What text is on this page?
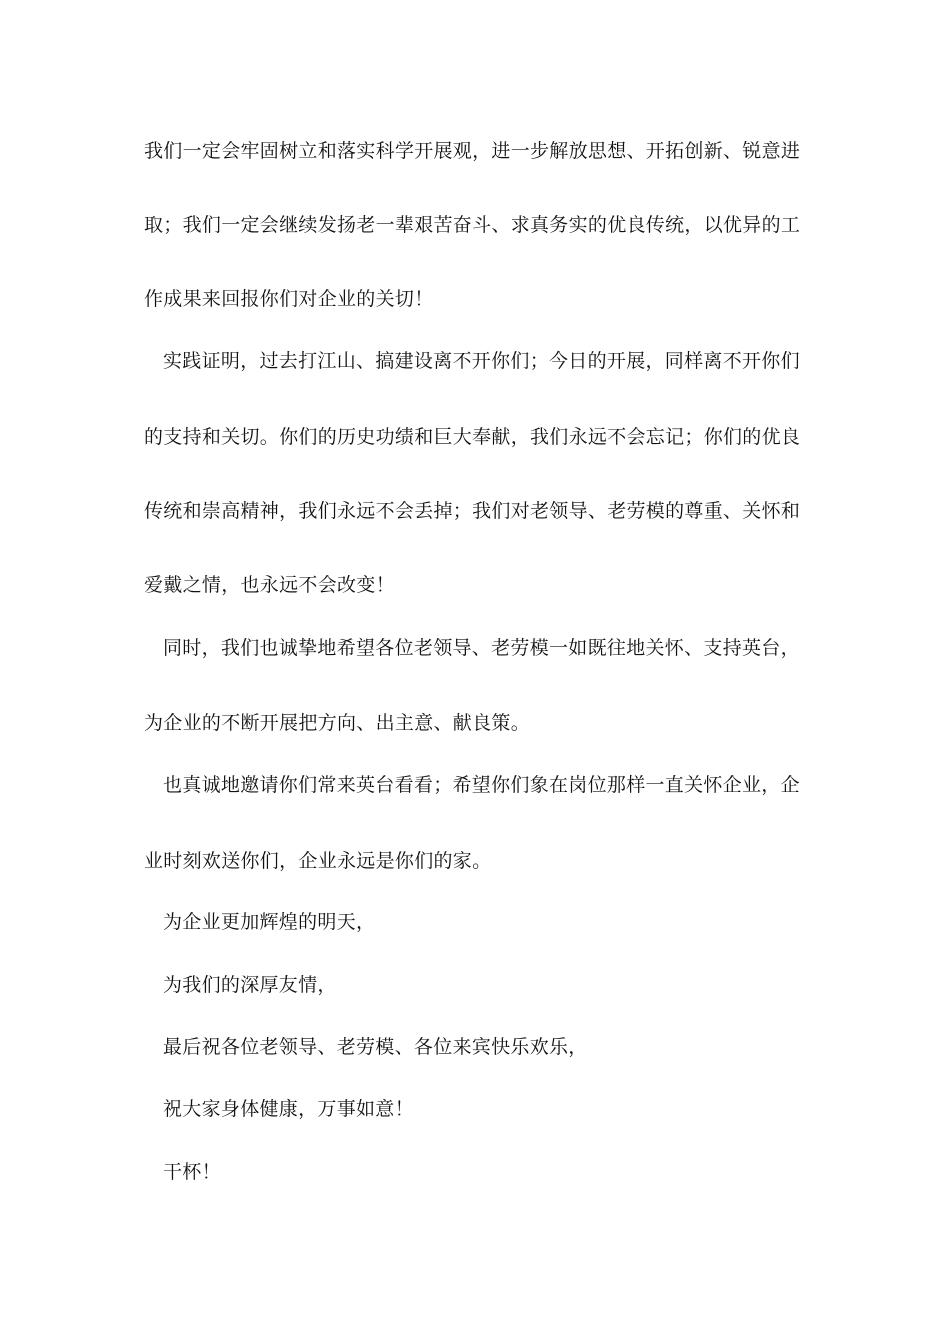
我们一定会牢固树立和落实科学开展观，进一步解放思想、开拓创新、锐意进
取；我们一定会继续发扬老一辈艰苦奋斗、求真务实的优良传统，以优异的工
作成果来回报你们对企业的关切！
实践证明，过去打江山、搞建设离不开你们；今日的开展，同样离不开你们
的支持和关切。你们的历史功绩和巨大奉献，我们永远不会忘记；你们的优良
传统和崇高精神，我们永远不会丢掉；我们对老领导、老劳模的尊重、关怀和
爱戴之情，也永远不会改变！
同时，我们也诚挚地希望各位老领导、老劳模一如既往地关怀、支持英台，
为企业的不断开展把方向、出主意、献良策。
也真诚地邀请你们常来英台看看；希望你们象在岗位那样一直关怀企业，企
业时刻欢送你们，企业永远是你们的家。
为企业更加辉煌的明天，
为我们的深厚友情，
最后祝各位老领导、老劳模、各位来宾快乐欢乐，
祝大家身体健康，万事如意！
干杯！
